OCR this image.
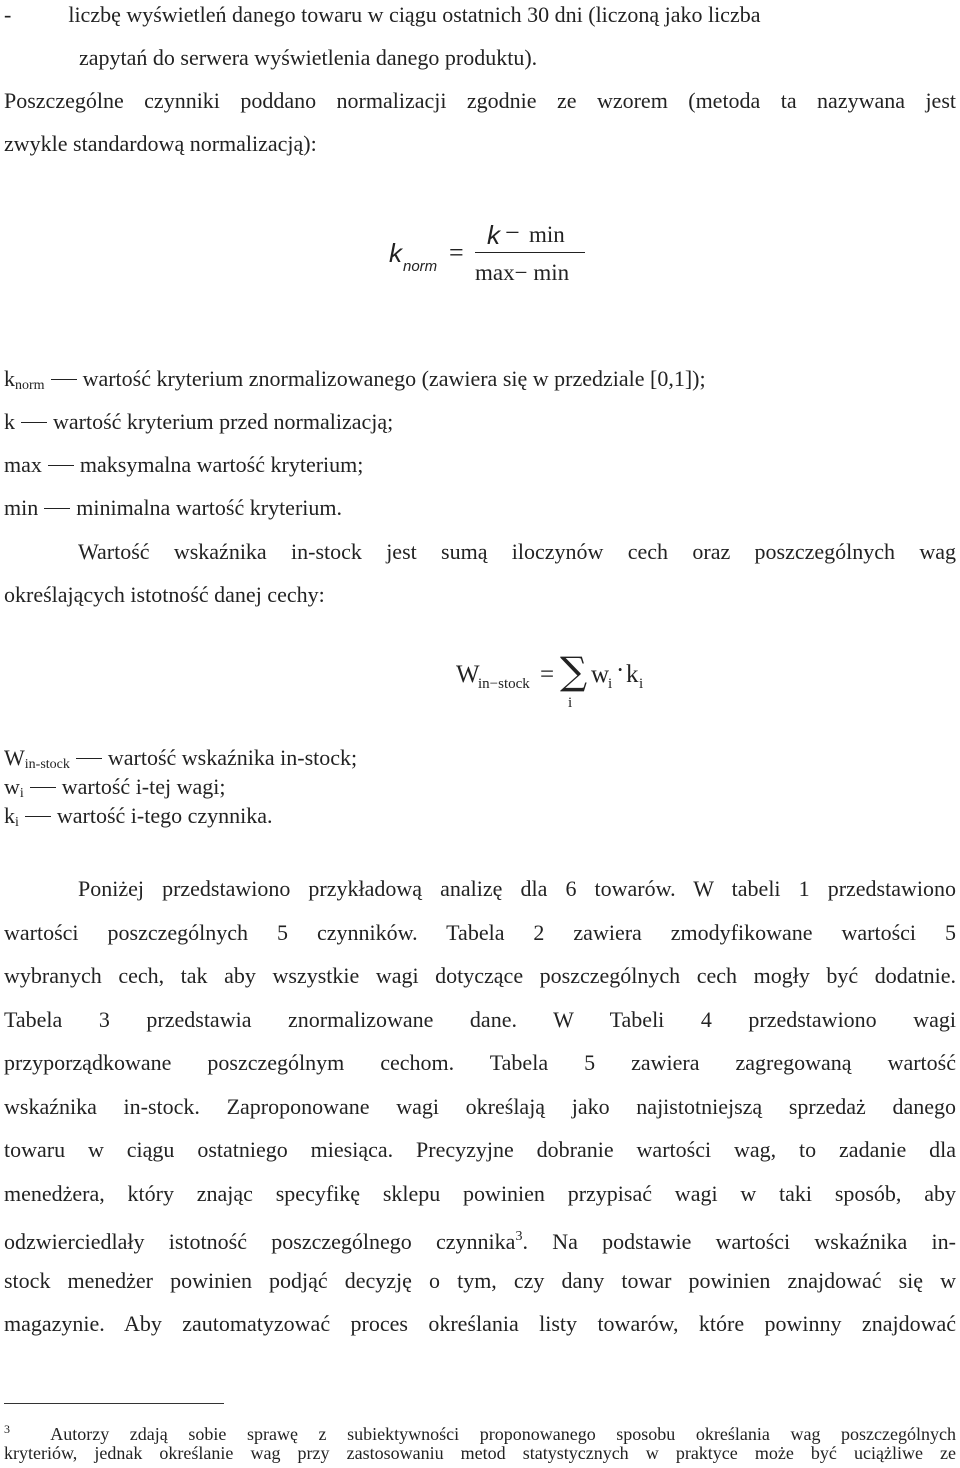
-	liczbę wyświetleń danego towaru w ciągu ostatnich 30 dni (liczoną jako liczba
zapytań do serwera wyświetlenia danego produktu).
Poszczególne czynniki poddano normalizacji zgodnie ze wzorem (metoda ta nazywana jest
zwykle standardową normalizacją):
k norm =
k − min
max− min
$k_{norm}$ wartość kryterium znormalizowanego (zawiera się w przedziale [0,1]);
k wartość kryterium przed normalizacją;
max maksymalna wartość kryterium;
min minimalna wartość kryterium.
Wartość wskaźnika in-stock jest sumą iloczynów cech oraz poszczególnych wag
określających istotność danej cechy:
W
in−stock = ∑
i
w
i · k i
$W_{in-stock}$ wartość wskaźnika in-stock;
$w_i$ wartość i-tej wagi;
$k_i$ wartość i-tego czynnika.
Poniżej przedstawiono przykładową analizę dla 6 towarów. W tabeli 1 przedstawiono
wartości poszczególnych 5 czynników. Tabela 2 zawiera zmodyfikowane wartości 5
wybranych cech, tak aby wszystkie wagi dotyczące poszczególnych cech mogły być dodatnie.
Tabela 3 przedstawia znormalizowane dane. W Tabeli 4 przedstawiono wagi
przyporządkowane poszczególnym cechom. Tabela 5 zawiera zagregowaną wartość
wskaźnika in-stock. Zaproponowane wagi określają jako najistotniejszą sprzedaż danego
towaru w ciągu ostatniego miesiąca. Precyzyjne dobranie wartości wag, to zadanie dla
menedżera, który znając specyfikę sklepu powinien przypisać wagi w taki sposób, aby
odzwierciedlały istotność poszczególnego czynnika$^3$. Na podstawie wartości wskaźnika in-
stock menedżer powinien podjąć decyzję o tym, czy dany towar powinien znajdować się w
magazynie. Aby zautomatyzować proces określania listy towarów, które powinny znajdować
$^3$ Autorzy zdają sobie sprawę z subiektywności proponowanego sposobu określania wag poszczególnych
kryteriów, jednak określanie wag przy zastosowaniu metod statystycznych w praktyce może być uciążliwe ze
